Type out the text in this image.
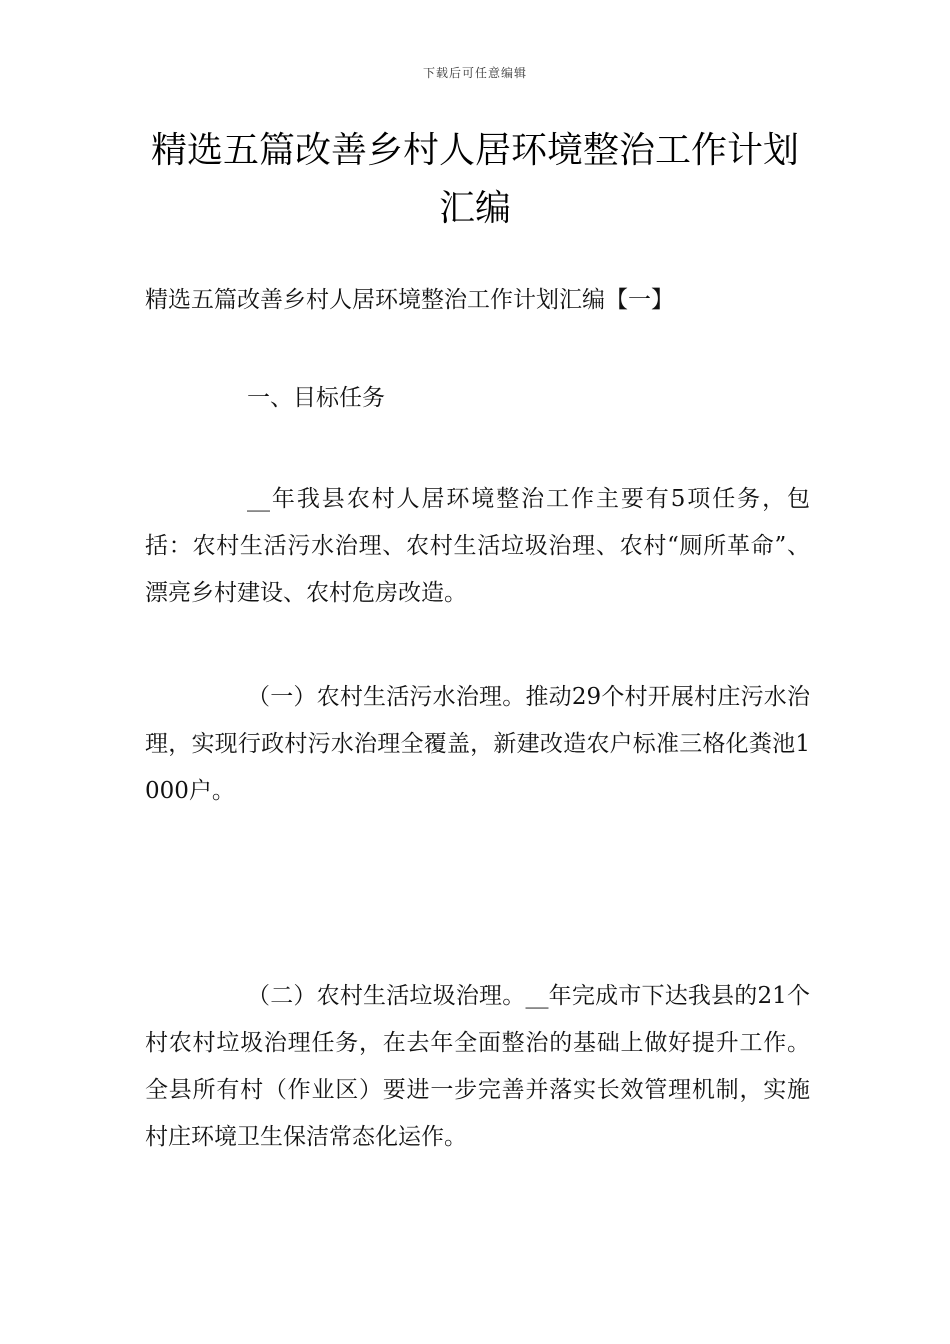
下载后可任意编辑
精选五篇改善乡村人居环境整治工作计划
汇编
精选五篇改善乡村人居环境整治工作计划汇编【一】
一、目标任务

__年我县农村人居环境整治工作主要有5项任务，包括：农村生活污水治理、农村生活垃圾治理、农村“厕所革命”、漂亮乡村建设、农村危房改造。

（一）农村生活污水治理。推动29个村开展村庄污水治理，实现行政村污水治理全覆盖，新建改造农户标准三格化粪池1000户。

（二）农村生活垃圾治理。__年完成市下达我县的21个村农村垃圾治理任务，在去年全面整治的基础上做好提升工作。全县所有村（作业区）要进一步完善并落实长效管理机制，实施村庄环境卫生保洁常态化运作。
